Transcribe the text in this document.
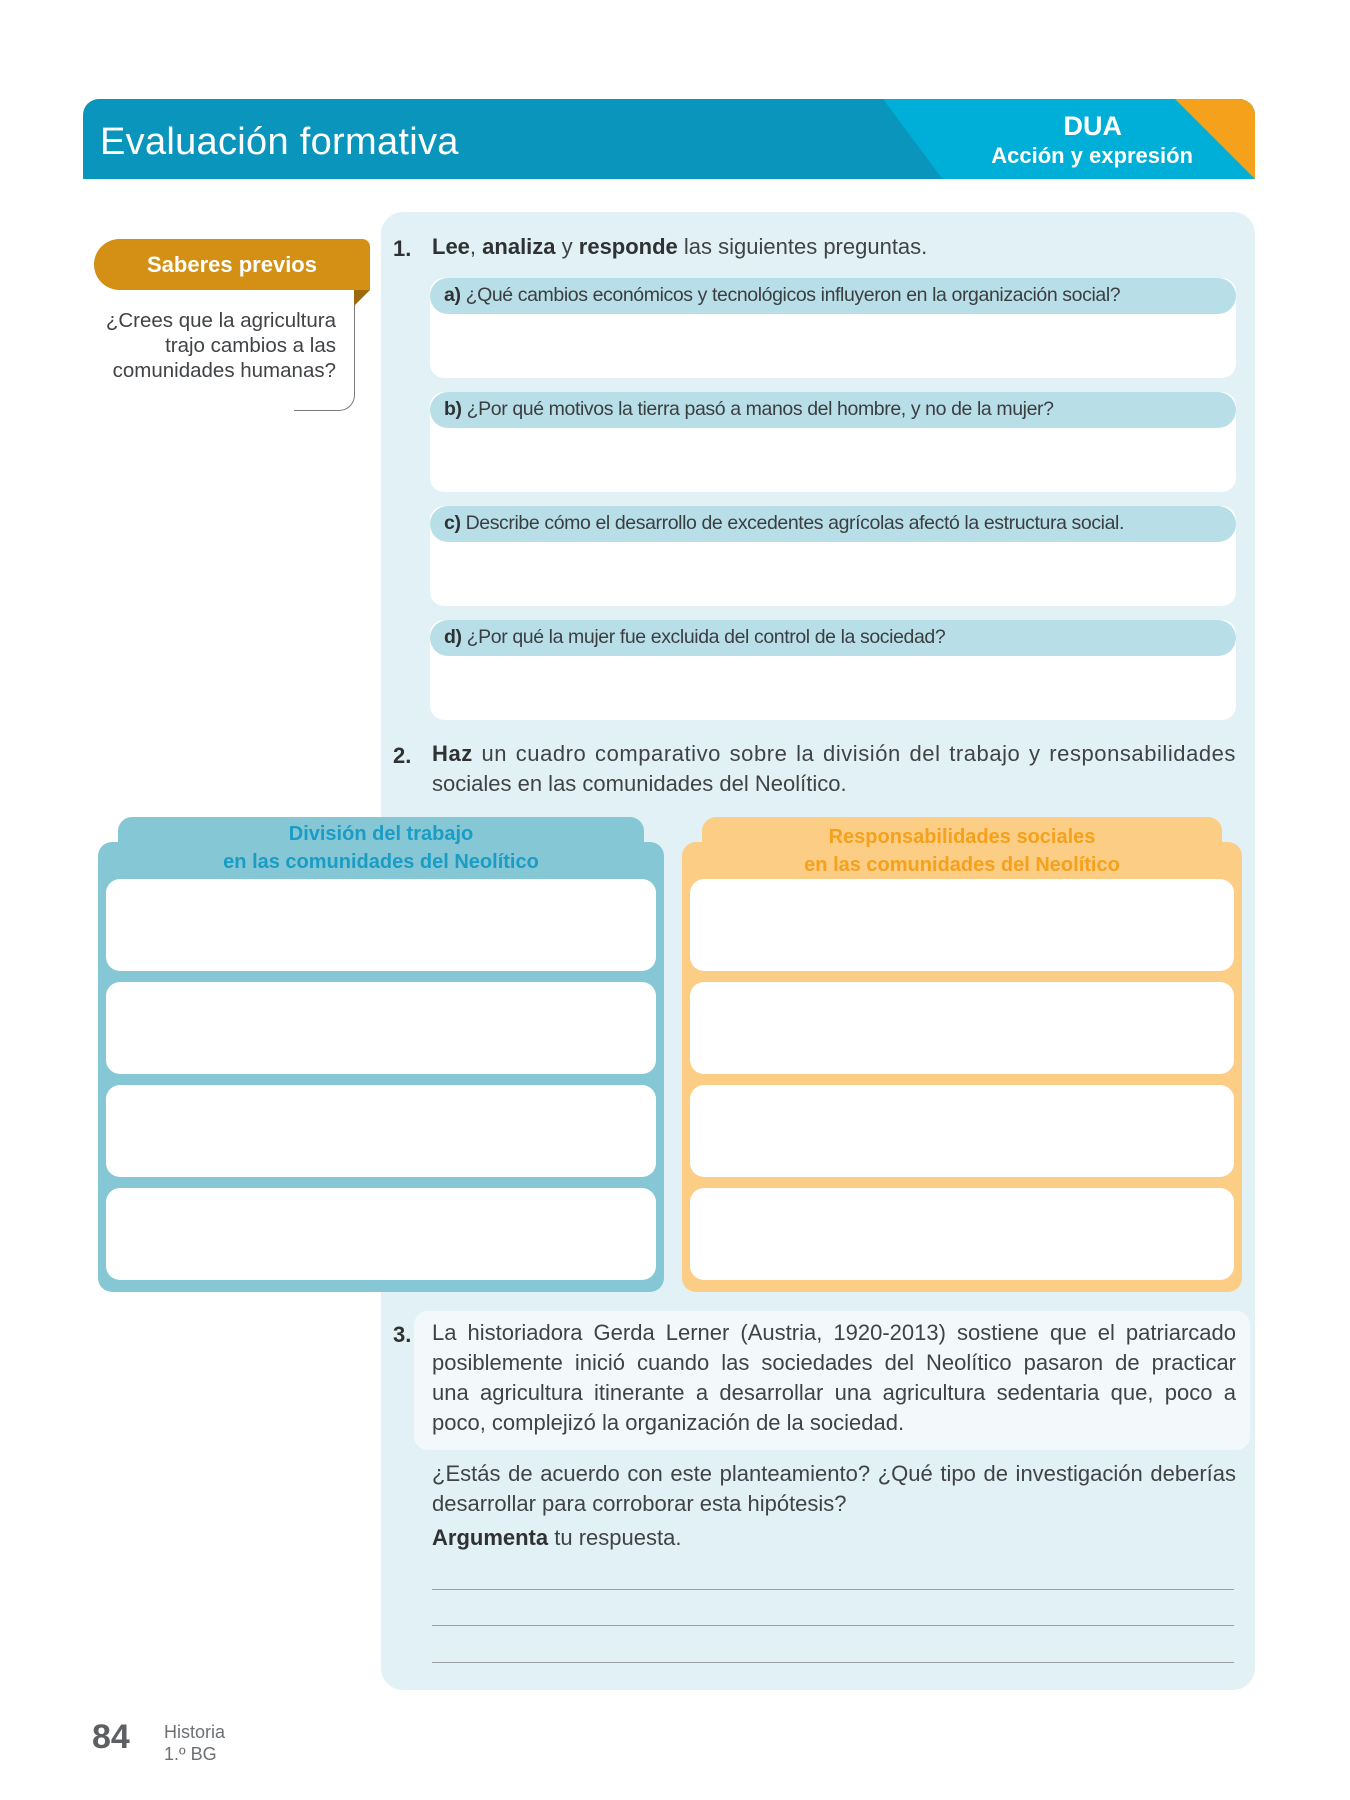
Evaluación formativa	DUA
Acción y expresión
Saberes previos
¿Crees que la agricultura
trajo cambios a las
comunidades humanas?
1. Lee, analiza y responde las siguientes preguntas.
a) ¿Qué cambios económicos y tecnológicos influyeron en la organización social?
b) ¿Por qué motivos la tierra pasó a manos del hombre, y no de la mujer?
c) Describe cómo el desarrollo de excedentes agrícolas afectó la estructura social.
d) ¿Por qué la mujer fue excluida del control de la sociedad?
2. Haz un cuadro comparativo sobre la división del trabajo y responsabilidades
sociales en las comunidades del Neolítico.
División del trabajo
en las comunidades del Neolítico
Responsabilidades sociales
en las comunidades del Neolítico
3. La historiadora Gerda Lerner (Austria, 1920-2013) sostiene que el patriarcado
posiblemente inició cuando las sociedades del Neolítico pasaron de practicar
una agricultura itinerante a desarrollar una agricultura sedentaria que, poco a
poco, complejizó la organización de la sociedad.
¿Estás de acuerdo con este planteamiento? ¿Qué tipo de investigación deberías
desarrollar para corroborar esta hipótesis?
Argumenta tu respuesta.
84 Historia
1.º BG
